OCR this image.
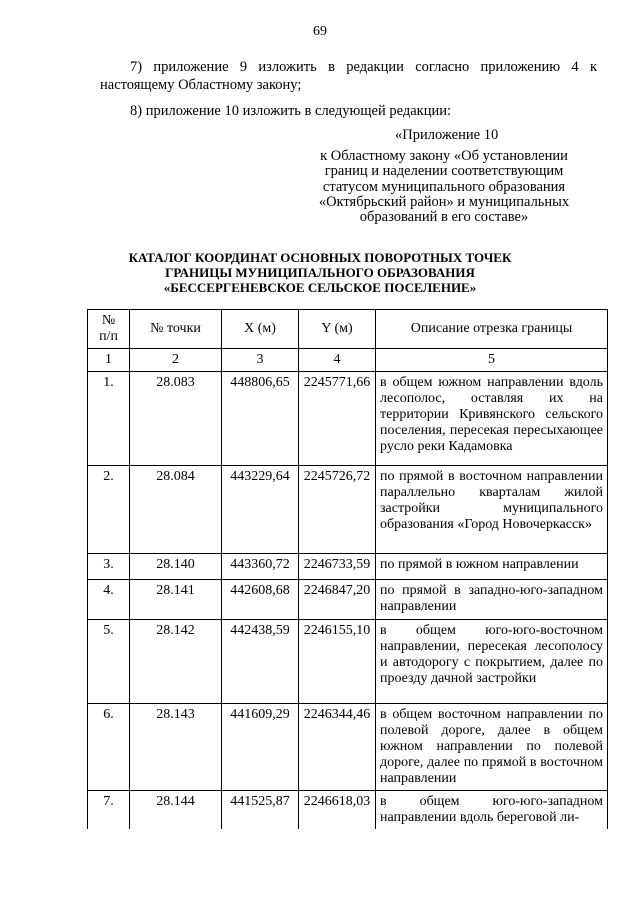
69

7) приложение 9 изложить в редакции согласно приложению 4 к настоящему Областному закону;

8) приложение 10 изложить в следующей редакции:

«Приложение 10
к Областному закону «Об установлении
границ и наделении соответствующим
статусом муниципального образования
«Октябрьский район» и муниципальных
образований в его составе»
КАТАЛОГ КООРДИНАТ ОСНОВНЫХ ПОВОРОТНЫХ ТОЧЕК
ГРАНИЦЫ МУНИЦИПАЛЬНОГО ОБРАЗОВАНИЯ
«БЕССЕРГЕНЕВСКОЕ СЕЛЬСКОЕ ПОСЕЛЕНИЕ»
№
п/п	№ точки	X (м)	Y (м)	Описание отрезка границы
1	2	3	4	5
1.	28.083	448806,65	2245771,66	в общем южном направлении вдоль лесополос, оставляя их на территории Кривянского сельского поселения, пересекая пересыхающее русло реки Кадамовка
2.	28.084	443229,64	2245726,72	по прямой в восточном направлении параллельно кварталам жилой застройки муниципального образования «Город Новочеркасск»
3.	28.140	443360,72	2246733,59	по прямой в южном направлении
4.	28.141	442608,68	2246847,20	по прямой в западно-юго-западном направлении
5.	28.142	442438,59	2246155,10	в общем юго-юго-восточном направлении, пересекая лесополосу и автодорогу с покрытием, далее по проезду дачной застройки
6.	28.143	441609,29	2246344,46	в общем восточном направлении по полевой дороге, далее в общем южном направлении по полевой дороге, далее по прямой в восточном направлении
7.	28.144	441525,87	2246618,03	в общем юго-юго-западном направлении вдоль береговой ли-
